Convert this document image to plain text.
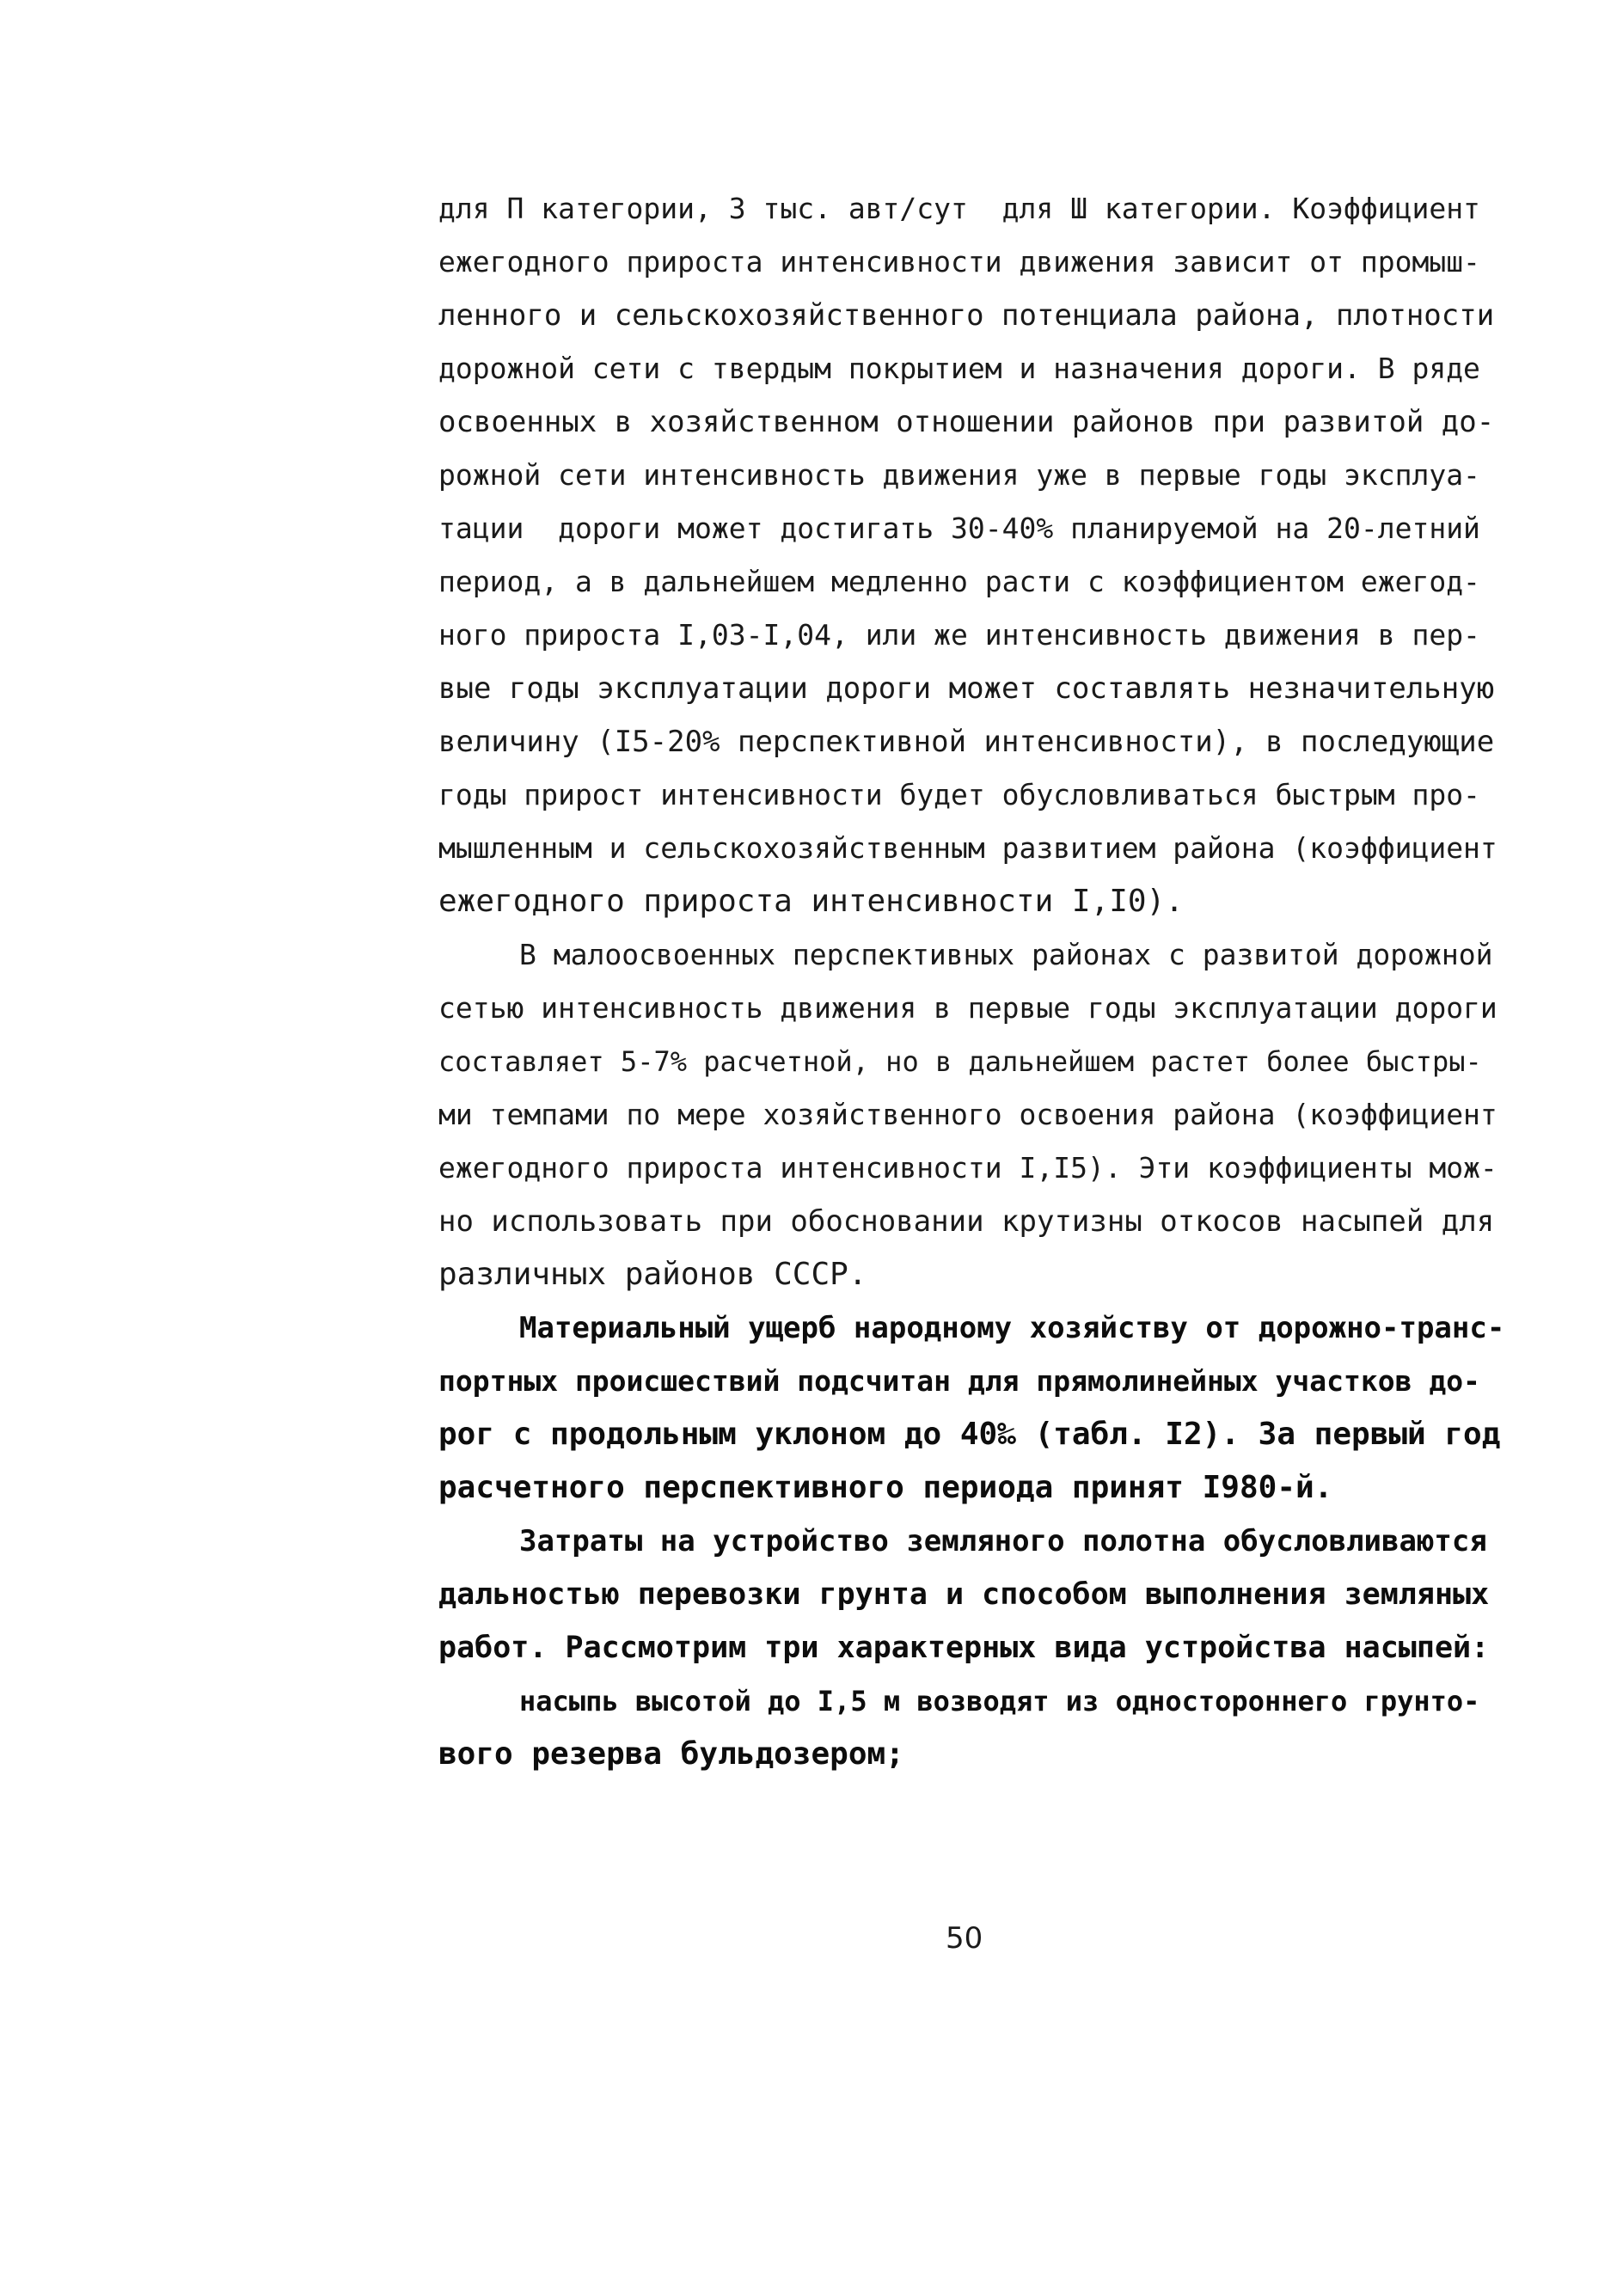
для П категории, 3 тыс. авт/сут  для Ш категории. Коэффициент
ежегодного прироста интенсивности движения зависит от промыш-
ленного и сельскохозяйственного потенциала района, плотности
дорожной сети с твердым покрытием и назначения дороги. В ряде
освоенных в хозяйственном отношении районов при развитой до-
рожной сети интенсивность движения уже в первые годы эксплуа-
тации  дороги может достигать 30-40% планируемой на 20-летний
период, а в дальнейшем медленно расти с коэффициентом ежегод-
ного прироста I,03-I,04, или же интенсивность движения в пер-
вые годы эксплуатации дороги может составлять незначительную
величину (I5-20% перспективной интенсивности), в последующие
годы прирост интенсивности будет обусловливаться быстрым про-
мышленным и сельскохозяйственным развитием района (коэффициент
ежегодного прироста интенсивности I,I0).
В малоосвоенных перспективных районах с развитой дорожной
сетью интенсивность движения в первые годы эксплуатации дороги
составляет 5-7% расчетной, но в дальнейшем растет более быстры-
ми темпами по мере хозяйственного освоения района (коэффициент
ежегодного прироста интенсивности I,I5). Эти коэффициенты мож-
но использовать при обосновании крутизны откосов насыпей для
различных районов СССР.
Материальный ущерб народному хозяйству от дорожно-транс-
портных происшествий подсчитан для прямолинейных участков до-
рог с продольным уклоном до 40‰ (табл. I2). За первый год
расчетного перспективного периода принят I980-й.
Затраты на устройство земляного полотна обусловливаются
дальностью перевозки грунта и способом выполнения земляных
работ. Рассмотрим три характерных вида устройства насыпей:
насыпь высотой до I,5 м возводят из одностороннего грунто-
вого резерва бульдозером;
50
